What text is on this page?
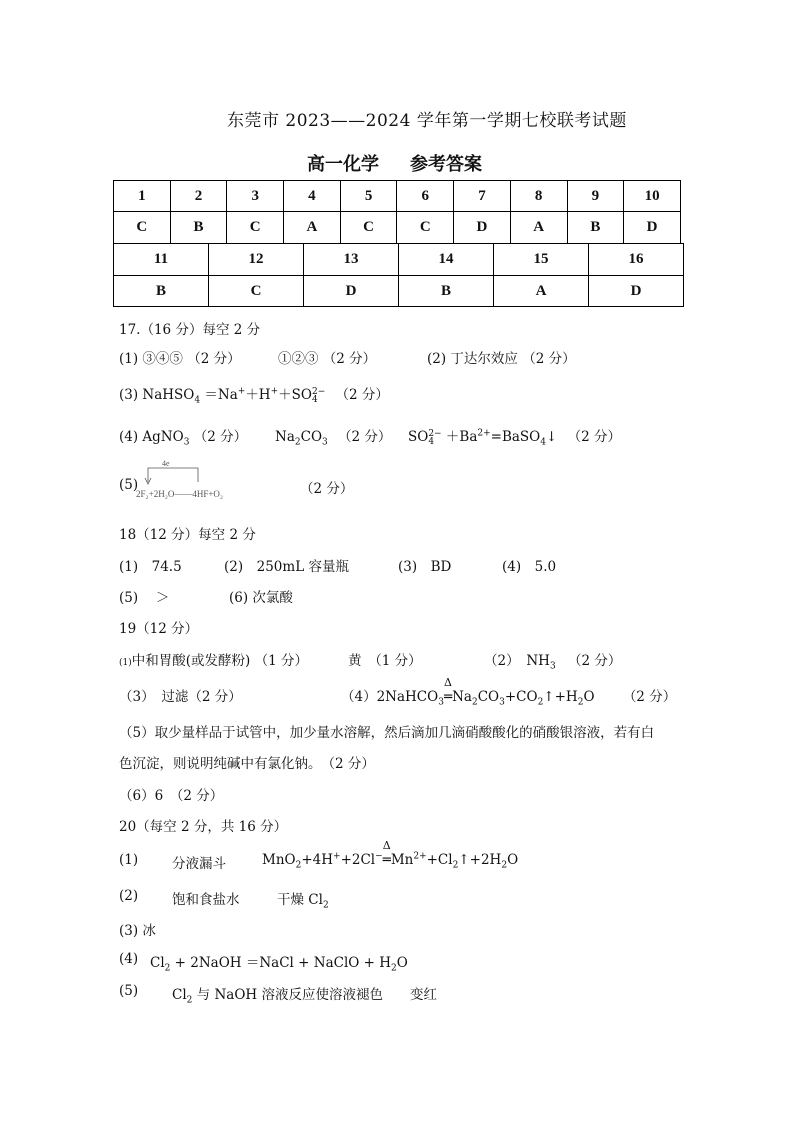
东莞市 2023——2024 学年第一学期七校联考试题
高一化学 参考答案
1	2	3	4	5	6	7	8	9	10
C	B	C	A	C	C	D	A	B	D
11	12	13	14	15	16
B	C	D	B	A	D
17.（16 分）每空 2 分
(1) ③④⑤ （2 分）	①②③ （2 分）	(2) 丁达尔效应 （2 分）
(3) NaHSO$_4$ ＝Na+＋H+＋SO 2−
4	（2 分）
(4) AgNO$_3$ （2 分） $Na_2CO_3$ （2 分） SO 2−
$4 +Ba^{2+}=BaSO_4↓$ （2 分）
(5)
4e
2F₂+2H₂O——4HF+O₂	（2 分）
18（12 分）每空 2 分
(1)　74.5	(2)　250mL 容量瓶	(3)　BD	(4)　5.0
(5)　 ＞	(6) 次氯酸
19（12 分）
(1)中和胃酸(或发酵粉) （1 分）	黄　（1 分）	（2）　$NH_3$ （2 分）
（3）　过滤（2 分）	（4）2NaHCO$_3$
Δ
$═Na_2CO_3+CO_2↑+H_2O$ （2 分）
（5）取少量样品于试管中，加少量水溶解，然后滴加几滴硝酸酸化的硝酸银溶液，若有白
色沉淀，则说明纯碱中有氯化钠。　（2 分）
（6）6　（2 分）
20（每空 2 分，共 16 分）
(1)	分液漏斗	MnO$_2$+4H++2Cl−
Δ
$═Mn^{2+}+Cl_2↑+2H_2O$
(2)	饱和食盐水	干燥 $Cl_2$
(3) 冰
(4) $Cl_2$ + 2NaOH ＝NaCl + NaClO + $H_2O$
(5)	$Cl_2$ 与 NaOH 溶液反应使溶液褪色 变红
